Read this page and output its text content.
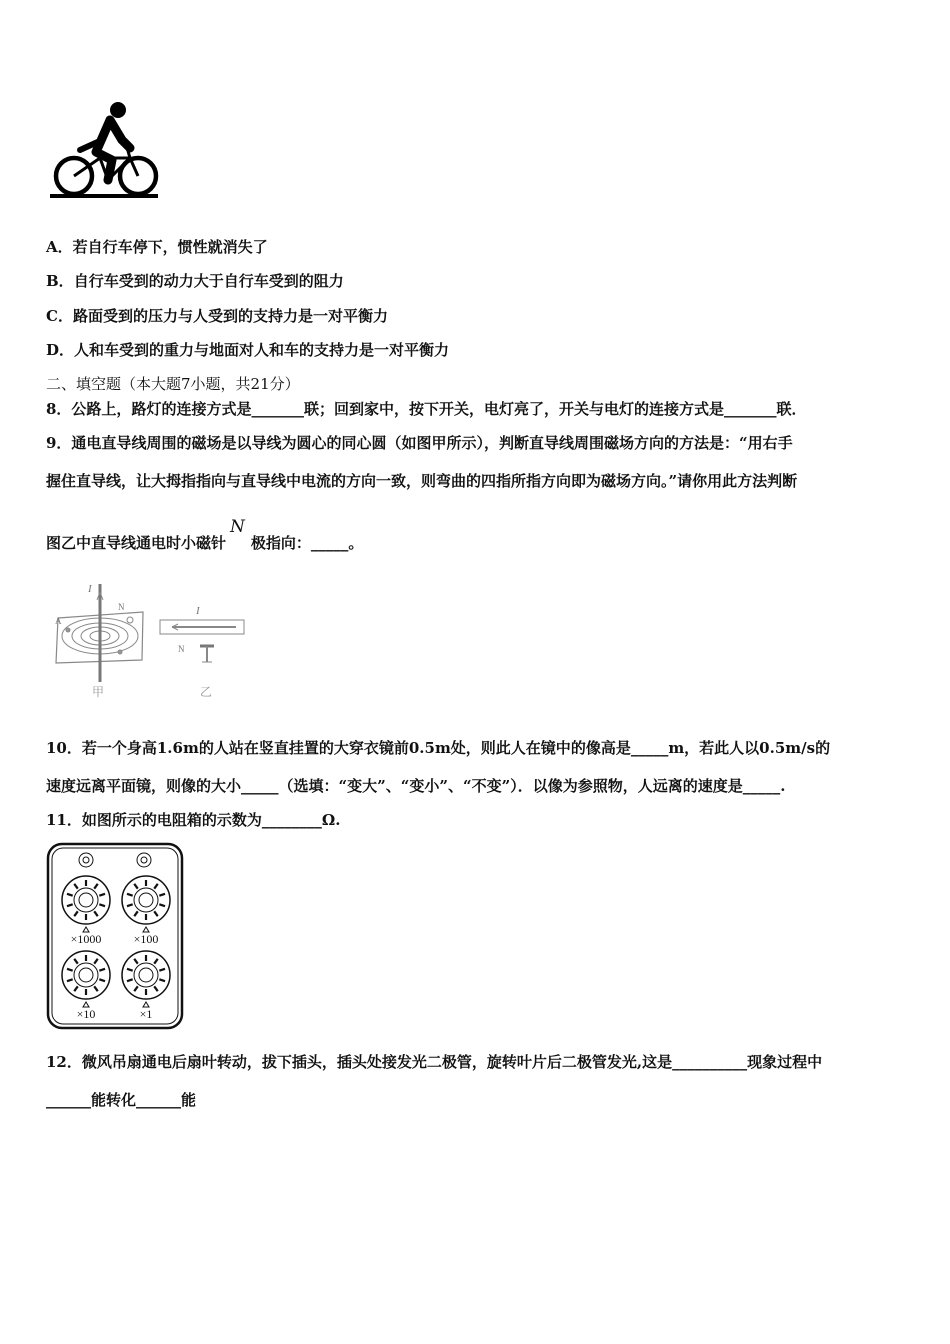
A．若自行车停下，惯性就消失了
B．自行车受到的动力大于自行车受到的阻力
C．路面受到的压力与人受到的支持力是一对平衡力
D．人和车受到的重力与地面对人和车的支持力是一对平衡力
二、填空题（本大题7小题，共21分）
8．公路上，路灯的连接方式是_______联；回到家中，按下开关，电灯亮了，开关与电灯的连接方式是_______联．
9．通电直导线周围的磁场是以导线为圆心的同心圆（如图甲所示），判断直导线周围磁场方向的方法是：“用右手
握住直导线，让大拇指指向与直导线中电流的方向一致，则弯曲的四指所指方向即为磁场方向。”请你用此方法判断
图乙中直导线通电时小磁针N极指向：_____。
I
N
A
甲
I
N
乙
10．若一个身高1.6m的人站在竖直挂置的大穿衣镜前0.5m处，则此人在镜中的像高是_____m，若此人以0.5m/s的
速度远离平面镜，则像的大小_____（选填：“变大”、“变小”、“不变”）．以像为参照物，人远离的速度是_____.
11．如图所示的电阻箱的示数为________Ω.
×1000	×100
×10	×1
12．微风吊扇通电后扇叶转动，拔下插头，插头处接发光二极管，旋转叶片后二极管发光,这是__________现象过程中
______能转化______能
